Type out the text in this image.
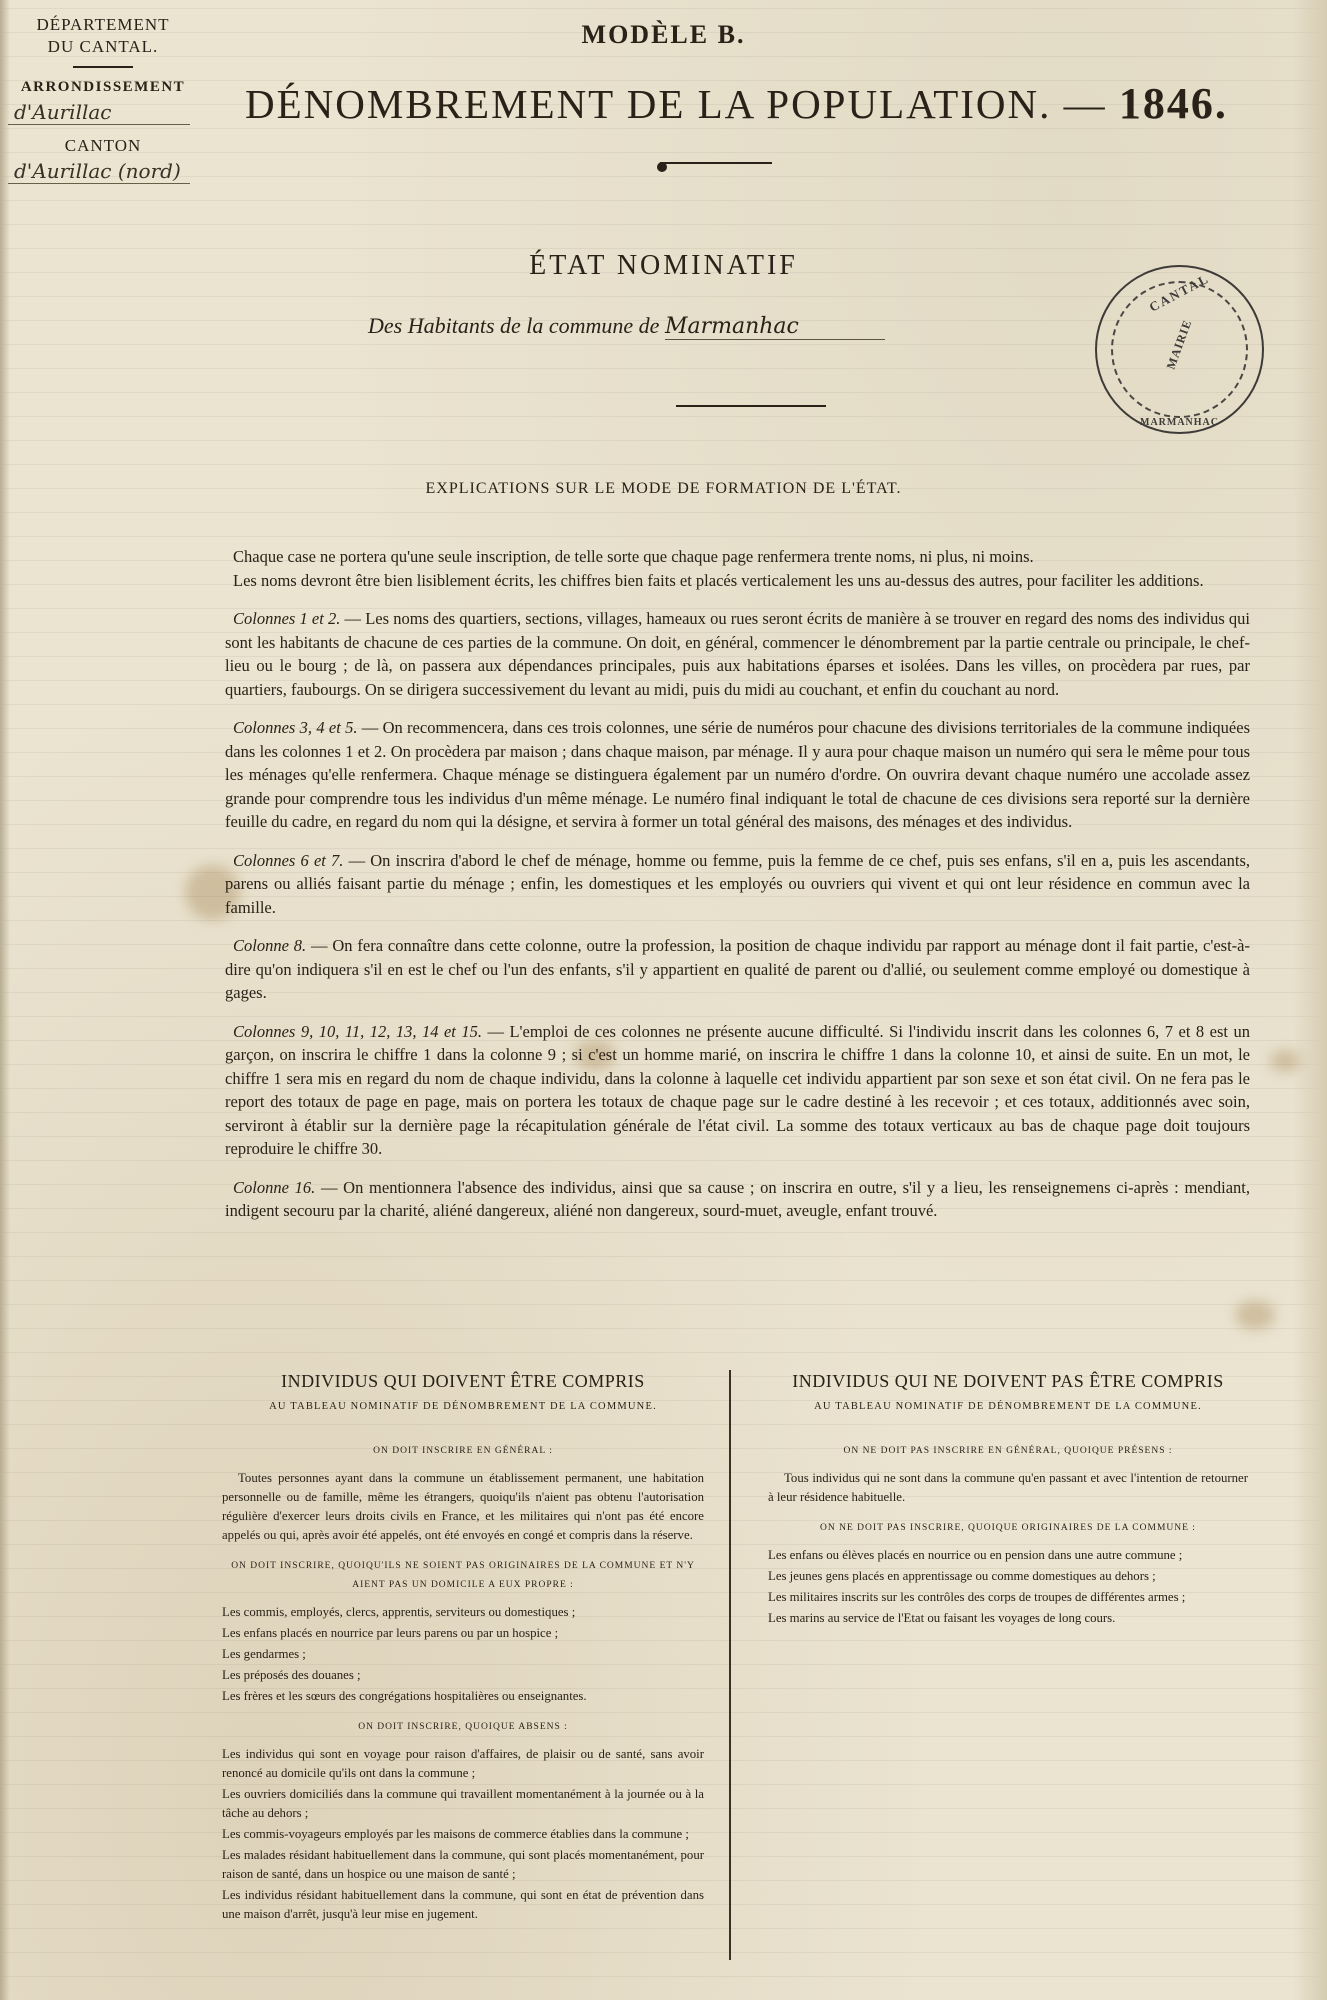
DÉPARTEMENT
DU CANTAL.
ARRONDISSEMENT
d'Aurillac
CANTON
d'Aurillac (nord)
MODÈLE B.
DÉNOMBREMENT DE LA POPULATION. — 1846.
ÉTAT NOMINATIF
Des Habitants de la commune de Marmanhac
CANTAL
MAIRIE
MARMANHAC
EXPLICATIONS SUR LE MODE DE FORMATION DE L'ÉTAT.

Chaque case ne portera qu'une seule inscription, de telle sorte que chaque page renfermera trente noms, ni plus, ni moins.

Les noms devront être bien lisiblement écrits, les chiffres bien faits et placés verticalement les uns au-dessus des autres, pour faciliter les additions.

Colonnes 1 et 2. — Les noms des quartiers, sections, villages, hameaux ou rues seront écrits de manière à se trouver en regard des noms des individus qui sont les habitants de chacune de ces parties de la commune. On doit, en général, commencer le dénombrement par la partie centrale ou principale, le chef-lieu ou le bourg ; de là, on passera aux dépendances principales, puis aux habitations éparses et isolées. Dans les villes, on procèdera par rues, par quartiers, faubourgs. On se dirigera successivement du levant au midi, puis du midi au couchant, et enfin du couchant au nord.

Colonnes 3, 4 et 5. — On recommencera, dans ces trois colonnes, une série de numéros pour chacune des divisions territoriales de la commune indiquées dans les colonnes 1 et 2. On procèdera par maison ; dans chaque maison, par ménage. Il y aura pour chaque maison un numéro qui sera le même pour tous les ménages qu'elle renfermera. Chaque ménage se distinguera également par un numéro d'ordre. On ouvrira devant chaque numéro une accolade assez grande pour comprendre tous les individus d'un même ménage. Le numéro final indiquant le total de chacune de ces divisions sera reporté sur la dernière feuille du cadre, en regard du nom qui la désigne, et servira à former un total général des maisons, des ménages et des individus.

Colonnes 6 et 7. — On inscrira d'abord le chef de ménage, homme ou femme, puis la femme de ce chef, puis ses enfans, s'il en a, puis les ascendants, parens ou alliés faisant partie du ménage ; enfin, les domestiques et les employés ou ouvriers qui vivent et qui ont leur résidence en commun avec la famille.

Colonne 8. — On fera connaître dans cette colonne, outre la profession, la position de chaque individu par rapport au ménage dont il fait partie, c'est-à-dire qu'on indiquera s'il en est le chef ou l'un des enfants, s'il y appartient en qualité de parent ou d'allié, ou seulement comme employé ou domestique à gages.

Colonnes 9, 10, 11, 12, 13, 14 et 15. — L'emploi de ces colonnes ne présente aucune difficulté. Si l'individu inscrit dans les colonnes 6, 7 et 8 est un garçon, on inscrira le chiffre 1 dans la colonne 9 ; si c'est un homme marié, on inscrira le chiffre 1 dans la colonne 10, et ainsi de suite. En un mot, le chiffre 1 sera mis en regard du nom de chaque individu, dans la colonne à laquelle cet individu appartient par son sexe et son état civil. On ne fera pas le report des totaux de page en page, mais on portera les totaux de chaque page sur le cadre destiné à les recevoir ; et ces totaux, additionnés avec soin, serviront à établir sur la dernière page la récapitulation générale de l'état civil. La somme des totaux verticaux au bas de chaque page doit toujours reproduire le chiffre 30.

Colonne 16. — On mentionnera l'absence des individus, ainsi que sa cause ; on inscrira en outre, s'il y a lieu, les renseignemens ci-après : mendiant, indigent secouru par la charité, aliéné dangereux, aliéné non dangereux, sourd-muet, aveugle, enfant trouvé.

INDIVIDUS QUI DOIVENT ÊTRE COMPRIS
AU TABLEAU NOMINATIF DE DÉNOMBREMENT DE LA COMMUNE.
ON DOIT INSCRIRE EN GÉNÉRAL :

Toutes personnes ayant dans la commune un établissement permanent, une habitation personnelle ou de famille, même les étrangers, quoiqu'ils n'aient pas obtenu l'autorisation régulière d'exercer leurs droits civils en France, et les militaires qui n'ont pas été encore appelés ou qui, après avoir été appelés, ont été envoyés en congé et compris dans la réserve.

ON DOIT INSCRIRE, QUOIQU'ILS NE SOIENT PAS ORIGINAIRES DE LA COMMUNE ET N'Y AIENT PAS UN DOMICILE A EUX PROPRE :
Les commis, employés, clercs, apprentis, serviteurs ou domestiques ;
Les enfans placés en nourrice par leurs parens ou par un hospice ;
Les gendarmes ;
Les préposés des douanes ;
Les frères et les sœurs des congrégations hospitalières ou enseignantes.
ON DOIT INSCRIRE, QUOIQUE ABSENS :
Les individus qui sont en voyage pour raison d'affaires, de plaisir ou de santé, sans avoir renoncé au domicile qu'ils ont dans la commune ;
Les ouvriers domiciliés dans la commune qui travaillent momentanément à la journée ou à la tâche au dehors ;
Les commis-voyageurs employés par les maisons de commerce établies dans la commune ;
Les malades résidant habituellement dans la commune, qui sont placés momentanément, pour raison de santé, dans un hospice ou une maison de santé ;
Les individus résidant habituellement dans la commune, qui sont en état de prévention dans une maison d'arrêt, jusqu'à leur mise en jugement.
INDIVIDUS QUI NE DOIVENT PAS ÊTRE COMPRIS
AU TABLEAU NOMINATIF DE DÉNOMBREMENT DE LA COMMUNE.
ON NE DOIT PAS INSCRIRE EN GÉNÉRAL, QUOIQUE PRÉSENS :

Tous individus qui ne sont dans la commune qu'en passant et avec l'intention de retourner à leur résidence habituelle.

ON NE DOIT PAS INSCRIRE, QUOIQUE ORIGINAIRES DE LA COMMUNE :
Les enfans ou élèves placés en nourrice ou en pension dans une autre commune ;
Les jeunes gens placés en apprentissage ou comme domestiques au dehors ;
Les militaires inscrits sur les contrôles des corps de troupes de différentes armes ;
Les marins au service de l'Etat ou faisant les voyages de long cours.
